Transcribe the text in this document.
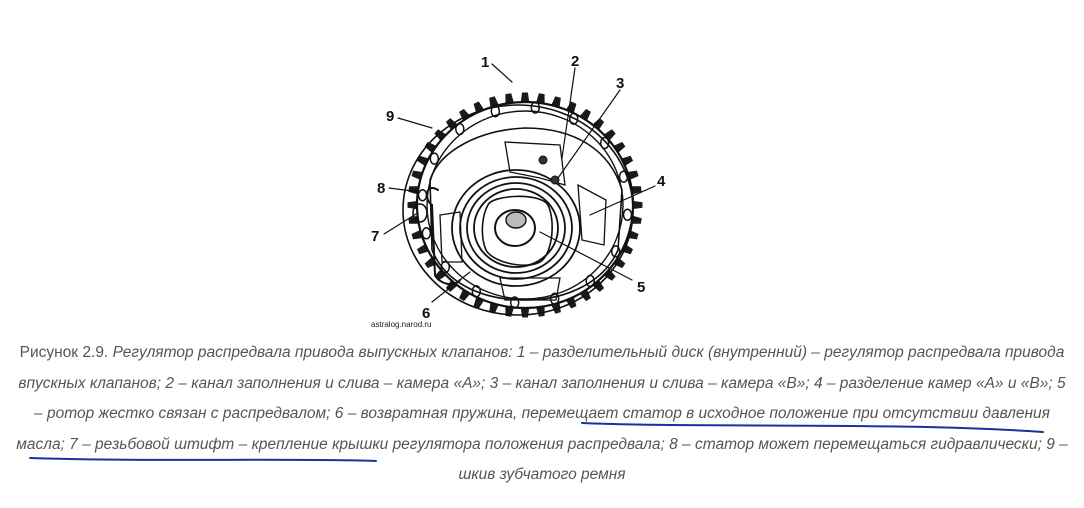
1	2
3
4
5
6
7
8
9
astralog.narod.ru
Рисунок 2.9. Регулятор распредвала привода выпускных клапанов: 1 – разделительный диск (внутренний) – регулятор распредвала привода впускных клапанов; 2 – канал заполнения и слива – камера «А»; 3 – канал заполнения и слива – камера «В»; 4 – разделение камер «А» и «В»; 5 – ротор жестко связан с распредвалом; 6 – возвратная пружина, перемещает статор в исходное положение при отсутствии давления масла; 7 – резьбовой штифт – крепление крышки регулятора положения распредвала; 8 – статор может перемещаться гидравлически; 9 – шкив зубчатого ремня
